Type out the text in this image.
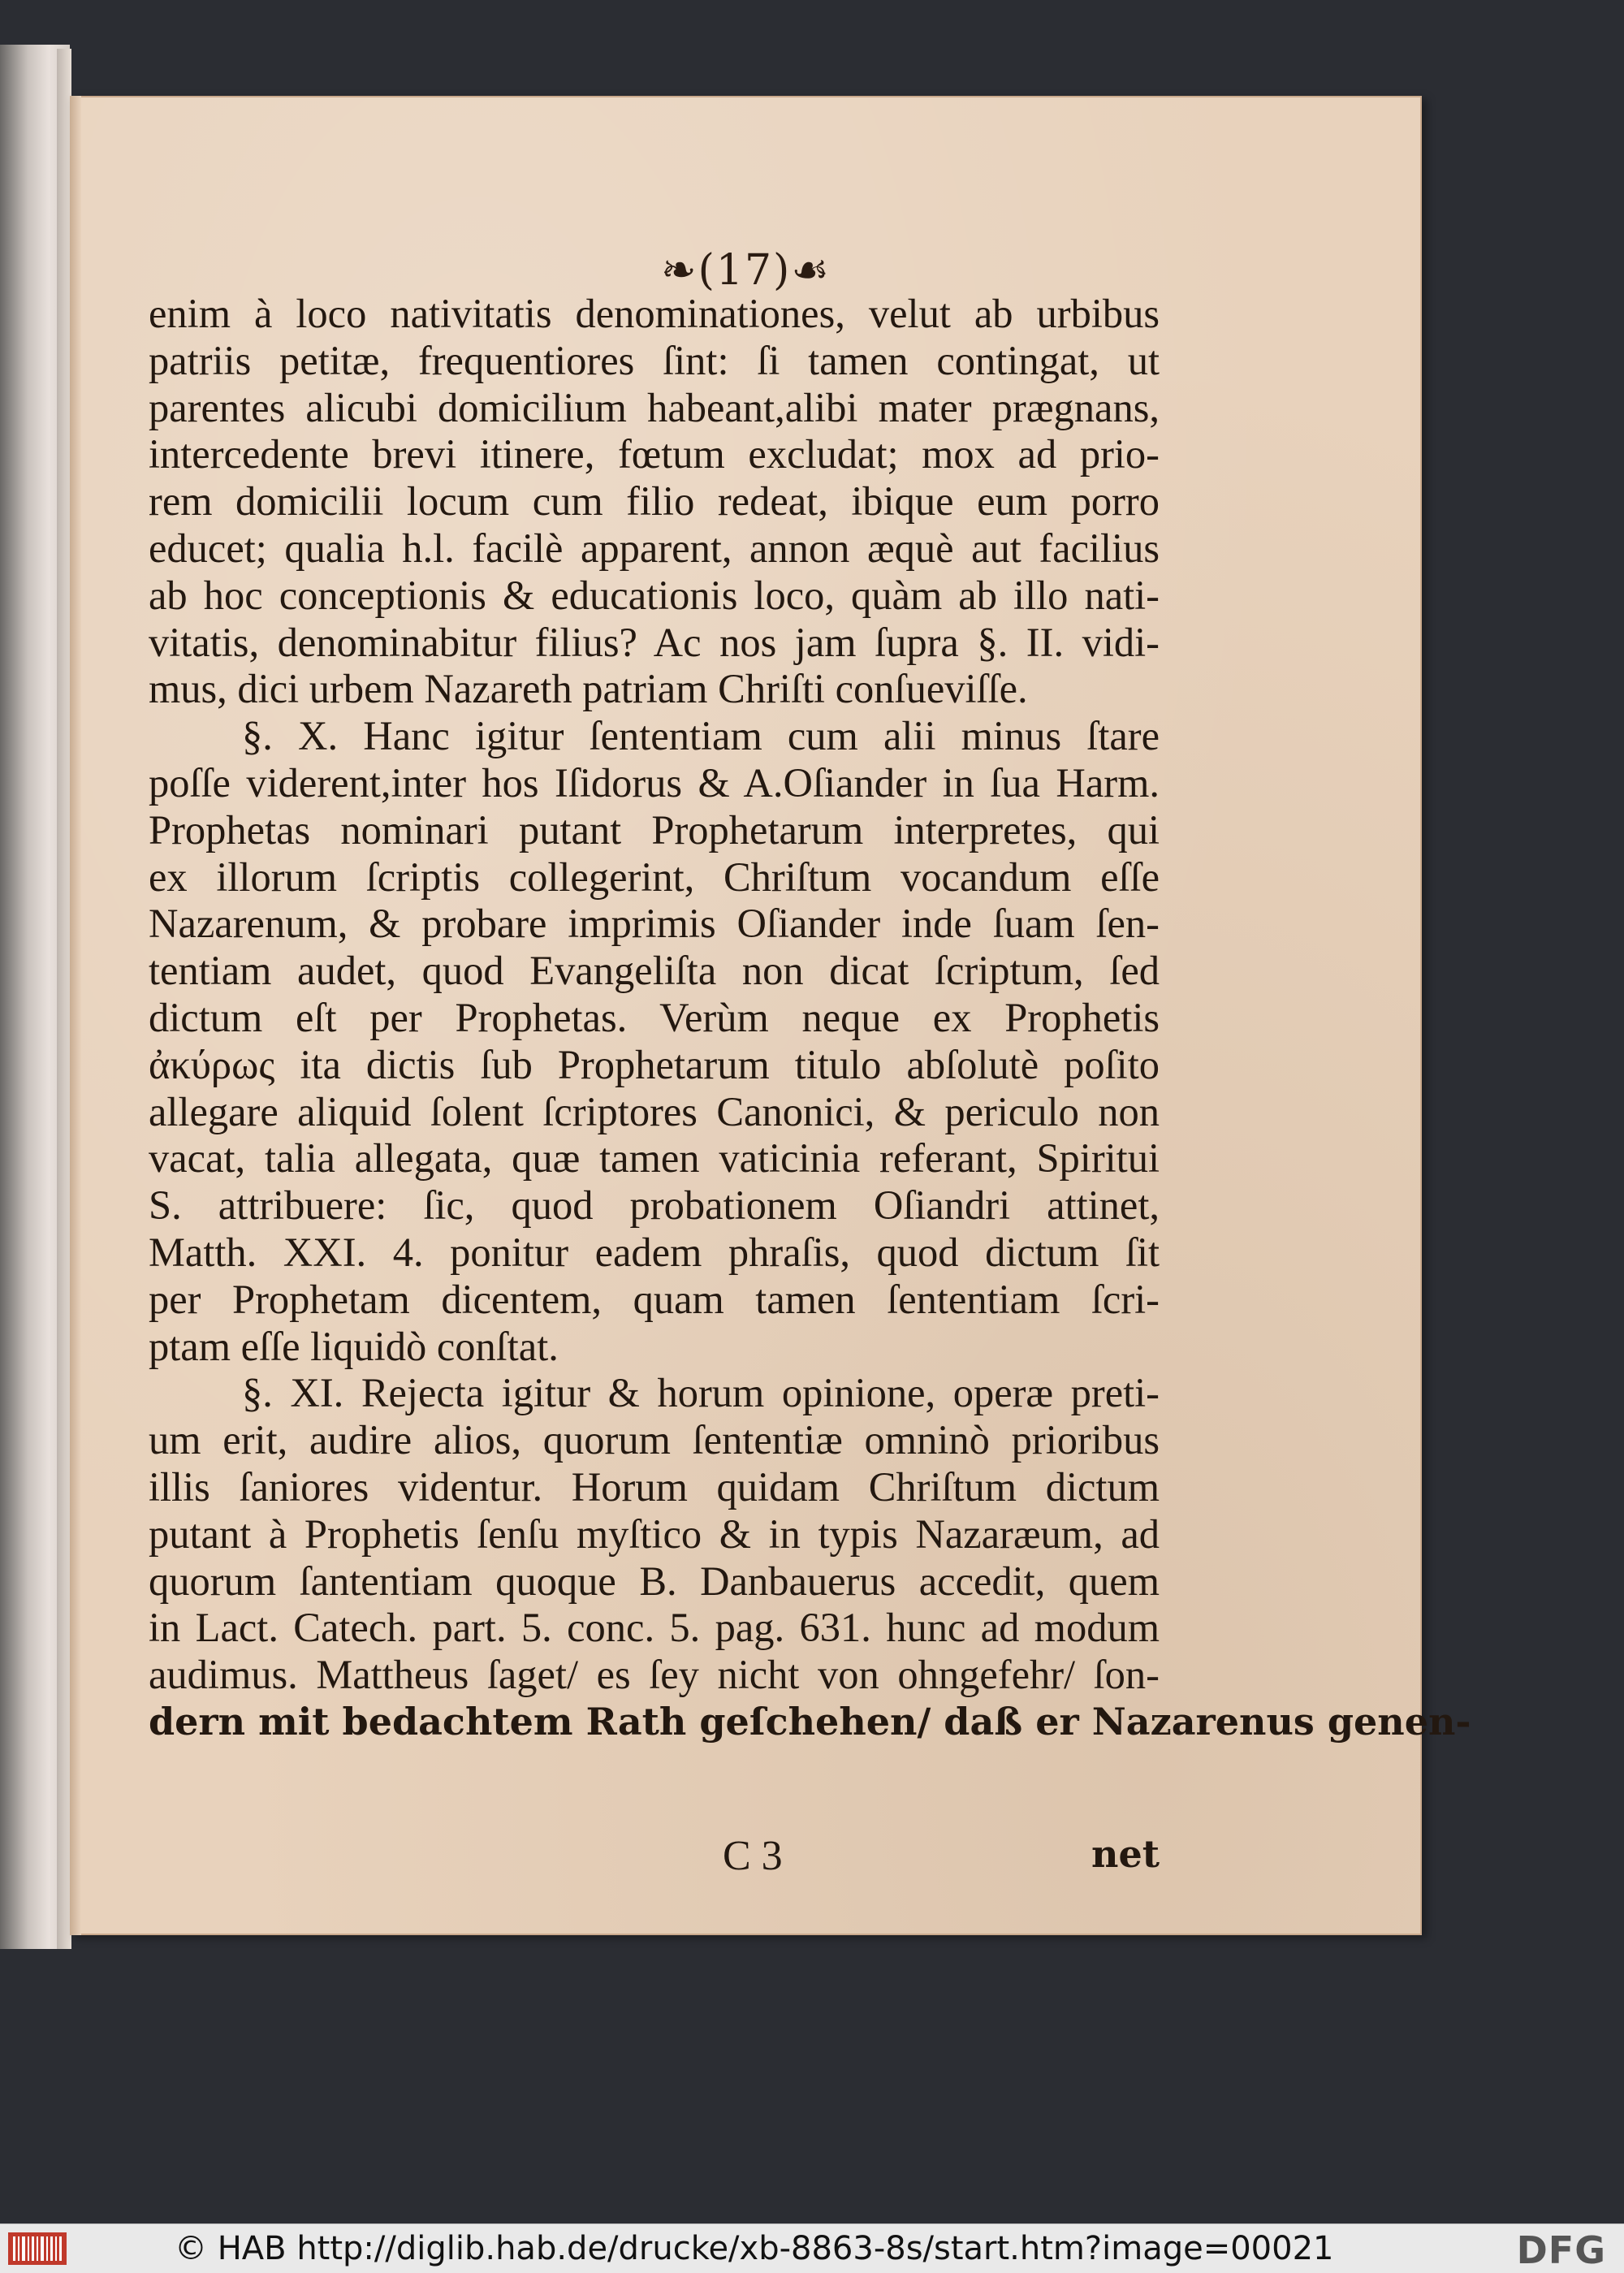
❧(17)☙
enim à loco nativitatis denominationes, velut ab urbibus
patriis petitæ, frequentiores ſint: ſi tamen contingat, ut
parentes alicubi domicilium habeant,alibi mater prægnans,
intercedente brevi itinere, fœtum excludat; mox ad prio-
rem domicilii locum cum filio redeat, ibique eum porro
educet; qualia h.l. facilè apparent, annon æquè aut facilius
ab hoc conceptionis & educationis loco, quàm ab illo nati-
vitatis, denominabitur filius? Ac nos jam ſupra §. II. vidi-
mus, dici urbem Nazareth patriam Chriſti conſueviſſe.
§. X. Hanc igitur ſententiam cum alii minus ſtare
poſſe viderent,inter hos Iſidorus & A.Oſiander in ſua Harm.
Prophetas nominari putant Prophetarum interpretes, qui
ex illorum ſcriptis collegerint, Chriſtum vocandum eſſe
Nazarenum, & probare imprimis Oſiander inde ſuam ſen-
tentiam audet, quod Evangeliſta non dicat ſcriptum, ſed
dictum eſt per Prophetas. Verùm neque ex Prophetis
ἀκύρως ita dictis ſub Prophetarum titulo abſolutè poſito
allegare aliquid ſolent ſcriptores Canonici, & periculo non
vacat, talia allegata, quæ tamen vaticinia referant, Spiritui
S. attribuere: ſic, quod probationem Oſiandri attinet,
Matth. XXI. 4. ponitur eadem phraſis, quod dictum ſit
per Prophetam dicentem, quam tamen ſententiam ſcri-
ptam eſſe liquidò conſtat.
§. XI. Rejecta igitur & horum opinione, operæ preti-
um erit, audire alios, quorum ſententiæ omninò prioribus
illis ſaniores videntur. Horum quidam Chriſtum dictum
putant à Prophetis ſenſu myſtico & in typis Nazaræum, ad
quorum ſantentiam quoque B. Danbauerus accedit, quem
in Lact. Catech. part. 5. conc. 5. pag. 631. hunc ad modum
audimus. Mattheus ſaget/ es ſey nicht von ohngefehr/ ſon-
dern mit bedachtem Rath geſchehen/ daß er Nazarenus genen-
C 3	net
© HAB http://diglib.hab.de/drucke/xb-8863-8s/start.htm?image=00021	DFG
